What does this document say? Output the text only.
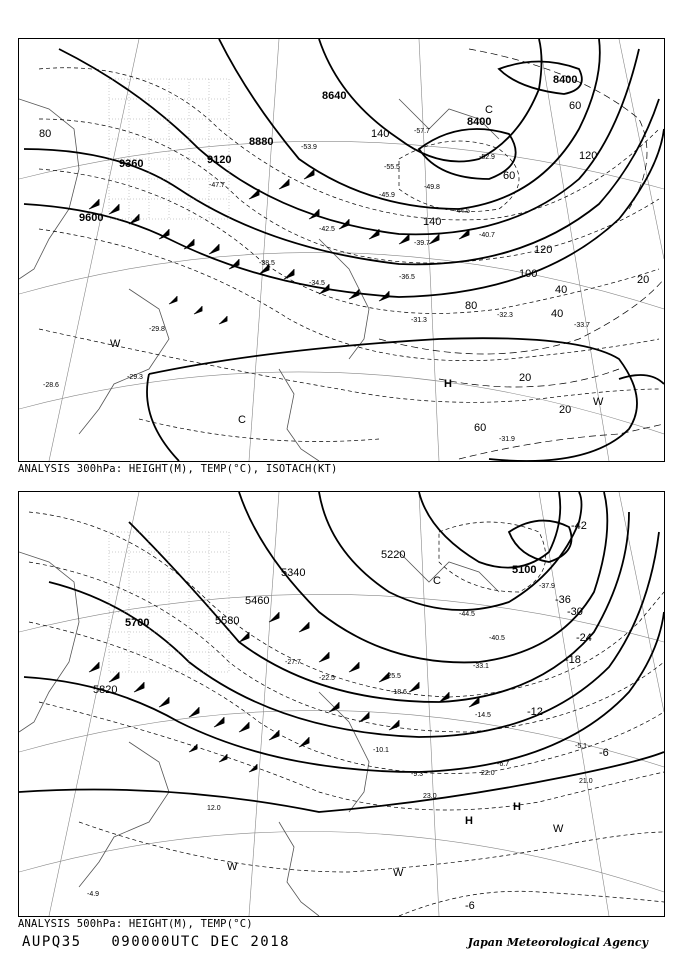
9600
9360	9120
8880
8640
8400
8400
140
120
100
80
60
40
20
20
20
40
60
80
60
120
140	-57.7
-55.5
-53.9
-52.9
-49.8
-47.7
-45.9
-44.5
-42.5
-40.7
-39.7
-38.5
-36.5
-34.5
-33.7
-32.3
-31.3
-29.8
-29.3
-28.6
-31.9
H
C
C
W
W
ANALYSIS 300hPa: HEIGHT(M), TEMP(°C), ISOTACH(KT)
5820
5700	5580
5460
5340
5220
5100
-42
-36
-30
-24
-18
-12
-6
-6
-44.5
-40.5
-37.9
-33.1
-27.7
-25.5
-22.5
-18.6
-14.5
-10.1
-9.3
-6.7
-5.1
-4.9
22.0
21.0
23.0
12.0
H
H
C
W	W
W
ANALYSIS 500hPa: HEIGHT(M), TEMP(°C)
AUPQ35 090000UTC DEC 2018	Japan Meteorological Agency
